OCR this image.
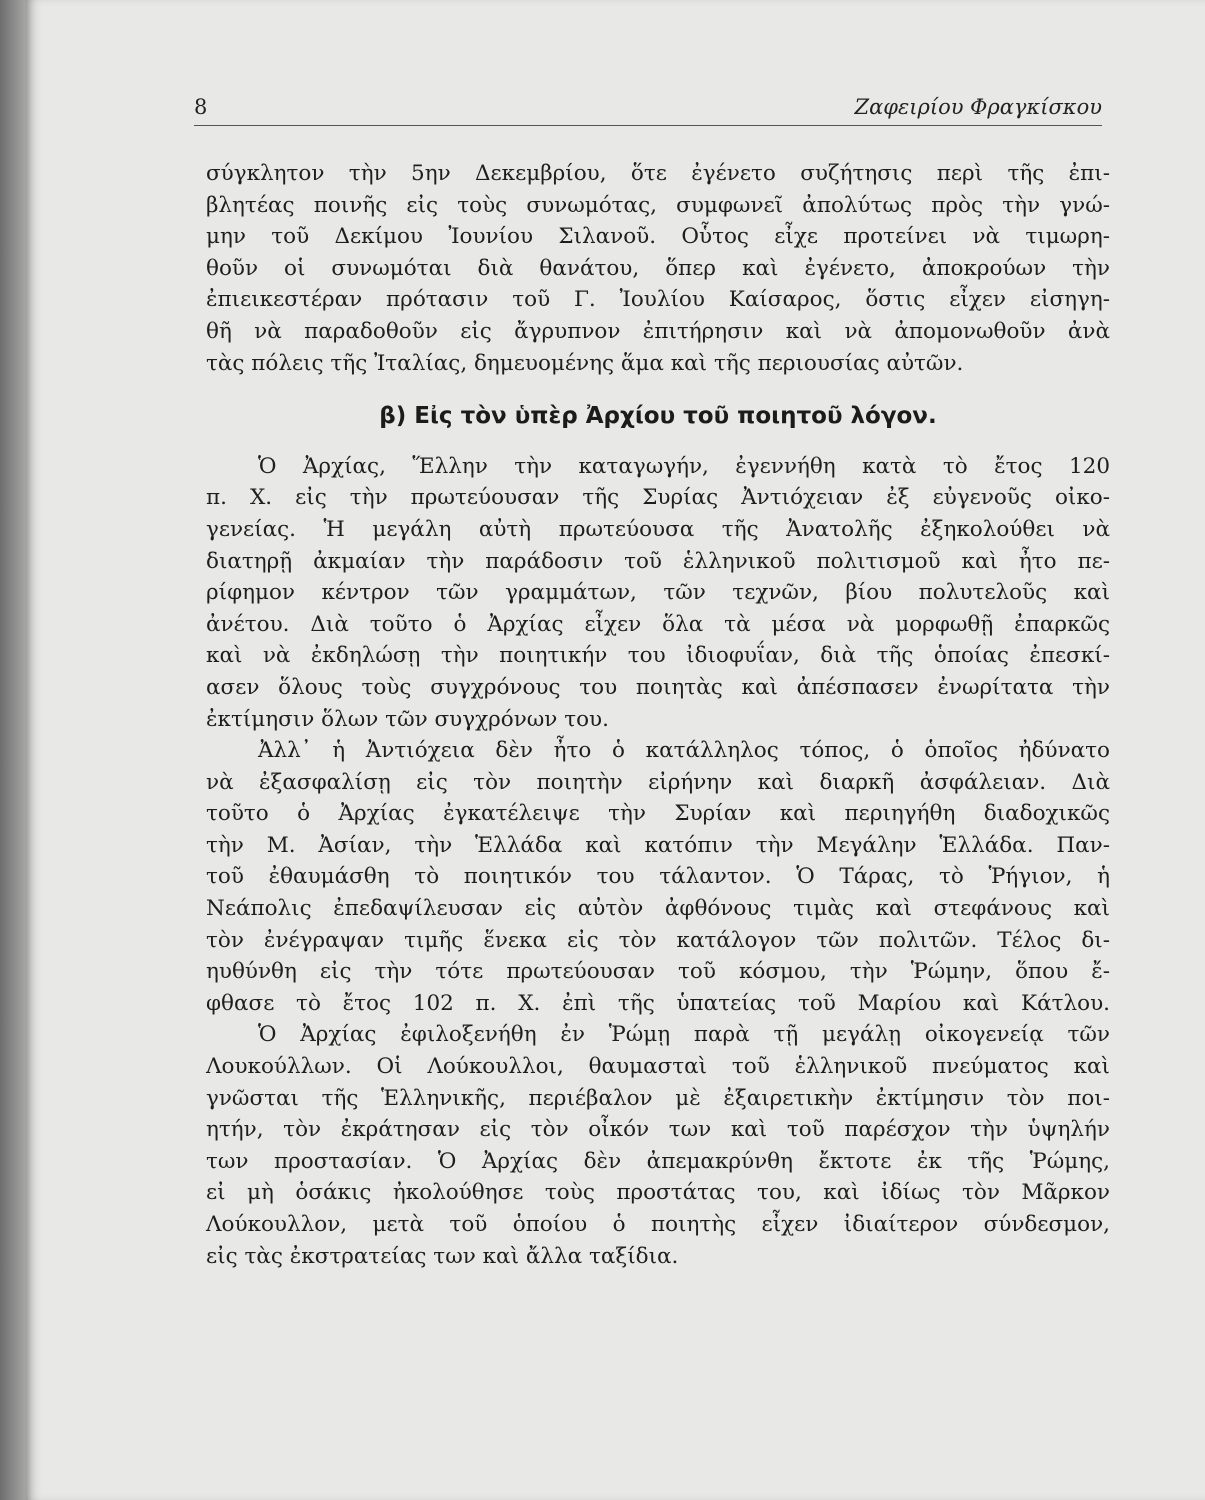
8	Ζαφειρίου Φραγκίσκου
σύγκλητον τὴν 5ην Δεκεμβρίου, ὅτε ἐγένετο συζήτησις περὶ τῆς ἐπι-
βλητέας ποινῆς εἰς τοὺς συνωμότας, συμφωνεῖ ἀπολύτως πρὸς τὴν γνώ-
μην τοῦ Δεκίμου Ἰουνίου Σιλανοῦ. Οὗτος εἶχε προτείνει νὰ τιμωρη-
θοῦν οἱ συνωμόται διὰ θανάτου, ὅπερ καὶ ἐγένετο, ἀποκρούων τὴν
ἐπιεικεστέραν πρότασιν τοῦ Γ. Ἰουλίου Καίσαρος, ὅστις εἶχεν εἰσηγη-
θῆ νὰ παραδοθοῦν εἰς ἄγρυπνον ἐπιτήρησιν καὶ νὰ ἀπομονωθοῦν ἀνὰ
τὰς πόλεις τῆς Ἰταλίας, δημευομένης ἅμα καὶ τῆς περιουσίας αὐτῶν.
β) Εἰς τὸν ὑπὲρ Ἀρχίου τοῦ ποιητοῦ λόγον.
Ὁ Ἀρχίας, Ἕλλην τὴν καταγωγήν, ἐγεννήθη κατὰ τὸ ἔτος 120
π. Χ. εἰς τὴν πρωτεύουσαν τῆς Συρίας Ἀντιόχειαν ἐξ εὐγενοῦς οἰκο-
γενείας. Ἡ μεγάλη αὐτὴ πρωτεύουσα τῆς Ἀνατολῆς ἐξηκολούθει νὰ
διατηρῇ ἀκμαίαν τὴν παράδοσιν τοῦ ἑλληνικοῦ πολιτισμοῦ καὶ ἦτο πε-
ρίφημον κέντρον τῶν γραμμάτων, τῶν τεχνῶν, βίου πολυτελοῦς καὶ
ἀνέτου. Διὰ τοῦτο ὁ Ἀρχίας εἶχεν ὅλα τὰ μέσα νὰ μορφωθῇ ἐπαρκῶς
καὶ νὰ ἐκδηλώσῃ τὴν ποιητικήν του ἰδιοφυΐαν, διὰ τῆς ὁποίας ἐπεσκί-
ασεν ὅλους τοὺς συγχρόνους του ποιητὰς καὶ ἀπέσπασεν ἐνωρίτατα τὴν
ἐκτίμησιν ὅλων τῶν συγχρόνων του.
Ἀλλ᾽ ἡ Ἀντιόχεια δὲν ἦτο ὁ κατάλληλος τόπος, ὁ ὁποῖος ἠδύνατο
νὰ ἐξασφαλίσῃ εἰς τὸν ποιητὴν εἰρήνην καὶ διαρκῆ ἀσφάλειαν. Διὰ
τοῦτο ὁ Ἀρχίας ἐγκατέλειψε τὴν Συρίαν καὶ περιηγήθη διαδοχικῶς
τὴν Μ. Ἀσίαν, τὴν Ἑλλάδα καὶ κατόπιν τὴν Μεγάλην Ἑλλάδα. Παν-
τοῦ ἐθαυμάσθη τὸ ποιητικόν του τάλαντον. Ὁ Τάρας, τὸ Ῥήγιον, ἡ
Νεάπολις ἐπεδαψίλευσαν εἰς αὐτὸν ἀφθόνους τιμὰς καὶ στεφάνους καὶ
τὸν ἐνέγραψαν τιμῆς ἕνεκα εἰς τὸν κατάλογον τῶν πολιτῶν. Τέλος δι-
ηυθύνθη εἰς τὴν τότε πρωτεύουσαν τοῦ κόσμου, τὴν Ῥώμην, ὅπου ἔ-
φθασε τὸ ἔτος 102 π. Χ. ἐπὶ τῆς ὑπατείας τοῦ Μαρίου καὶ Κάτλου.
Ὁ Ἀρχίας ἐφιλοξενήθη ἐν Ῥώμῃ παρὰ τῇ μεγάλῃ οἰκογενείᾳ τῶν
Λουκούλλων. Οἱ Λούκουλλοι, θαυμασταὶ τοῦ ἑλληνικοῦ πνεύματος καὶ
γνῶσται τῆς Ἑλληνικῆς, περιέβαλον μὲ ἐξαιρετικὴν ἐκτίμησιν τὸν ποι-
ητήν, τὸν ἐκράτησαν εἰς τὸν οἶκόν των καὶ τοῦ παρέσχον τὴν ὑψηλήν
των προστασίαν. Ὁ Ἀρχίας δὲν ἀπεμακρύνθη ἔκτοτε ἐκ τῆς Ῥώμης,
εἰ μὴ ὁσάκις ἠκολούθησε τοὺς προστάτας του, καὶ ἰδίως τὸν Μᾶρκον
Λούκουλλον, μετὰ τοῦ ὁποίου ὁ ποιητὴς εἶχεν ἰδιαίτερον σύνδεσμον,
εἰς τὰς ἐκστρατείας των καὶ ἄλλα ταξίδια.
